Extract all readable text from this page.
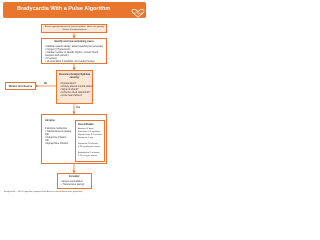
Bradycardia With a Pulse Algorithm
Assess appropriateness for clinical condition. Heart rate typically <50/min if bradyarrhythmia.
Identify and treat underlying cause
• Maintain patent airway; assist breathing as necessary
• Oxygen (if hypoxemic)
• Cardiac monitor to identify rhythm; monitor blood
pressure and oximetry
• IV access
• 12-Lead ECG if available; don't delay therapy
Monitor and observe
Persistent bradyarrhythmia causing:
• Hypotension?
• Acutely altered mental status?
• Signs of shock?
• Ischemic chest discomfort?
• Acute heart failure?
No
Yes
Atropine
If atropine ineffective:
• Transcutaneous pacing
OR
• Dopamine infusion
OR
• Epinephrine infusion
Doses/Details
Atropine IV dose:
First dose: 0.5 mg bolus
Repeat every 3-5 minutes
Maximum: 3 mg
Dopamine IV infusion:
2-20 mcg/kg per minute
Epinephrine IV infusion:
2-10 mcg per minute
Consider:
• Expert consultation
• Transvenous pacing
Bradycardia — ACLS algorithm (adapted from American Heart Association guidelines)
